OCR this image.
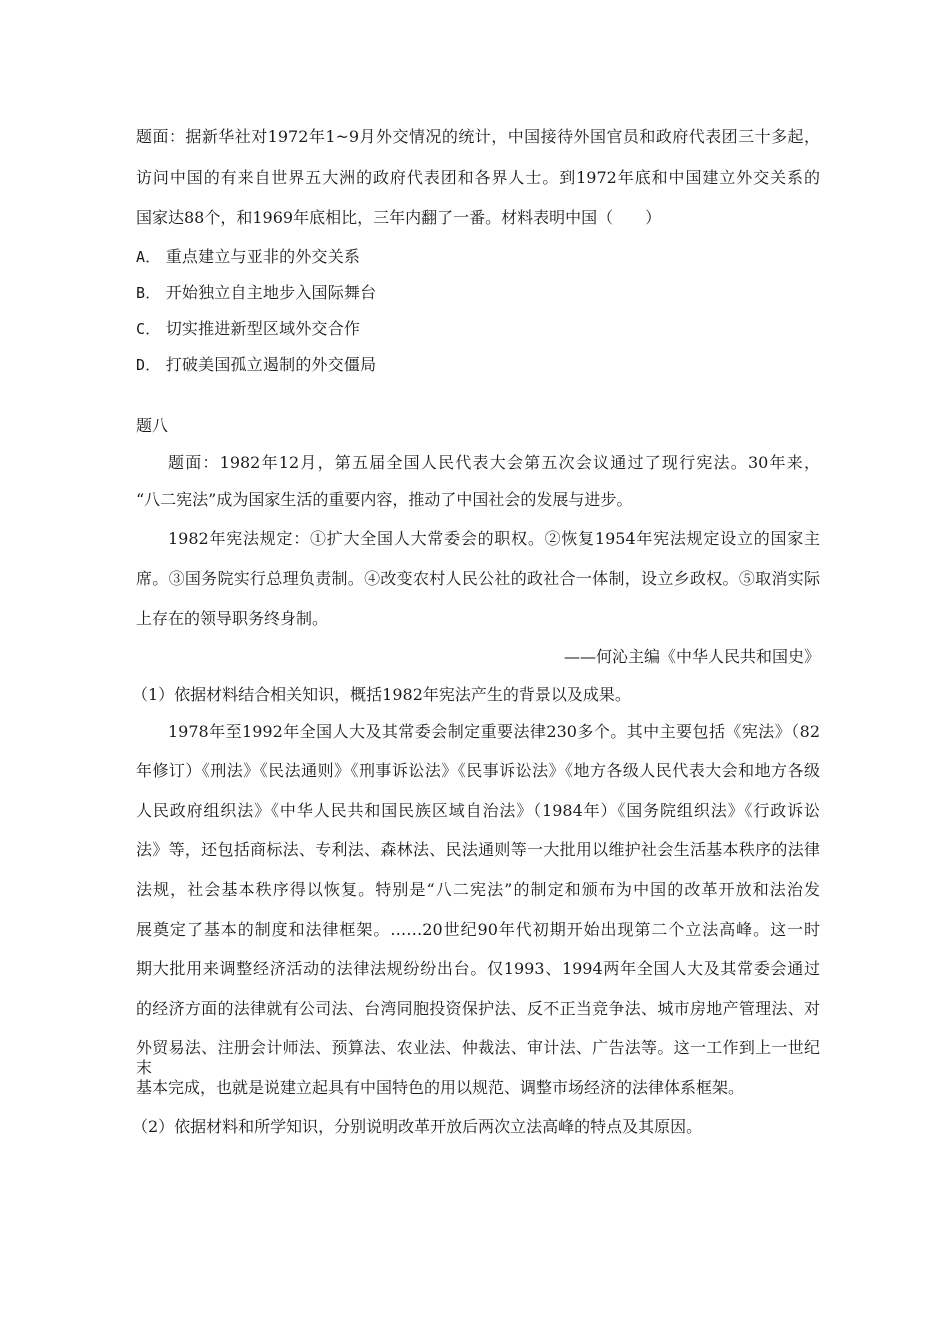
题面：据新华社对1972年1~9月外交情况的统计，中国接待外国官员和政府代表团三十多起，
访问中国的有来自世界五大洲的政府代表团和各界人士。到1972年底和中国建立外交关系的
国家达88个，和1969年底相比，三年内翻了一番。材料表明中国（　　）
A． 重点建立与亚非的外交关系
B． 开始独立自主地步入国际舞台
C． 切实推进新型区域外交合作
D． 打破美国孤立遏制的外交僵局
题八
题面：1982年12月，第五届全国人民代表大会第五次会议通过了现行宪法。30年来，
“八二宪法”成为国家生活的重要内容，推动了中国社会的发展与进步。
1982年宪法规定：①扩大全国人大常委会的职权。②恢复1954年宪法规定设立的国家主
席。③国务院实行总理负责制。④改变农村人民公社的政社合一体制，设立乡政权。⑤取消实际
上存在的领导职务终身制。
——何沁主编《中华人民共和国史》
（1）依据材料结合相关知识，概括1982年宪法产生的背景以及成果。
1978年至1992年全国人大及其常委会制定重要法律230多个。其中主要包括《宪法》（82
年修订）《刑法》《民法通则》《刑事诉讼法》《民事诉讼法》《地方各级人民代表大会和地方各级
人民政府组织法》《中华人民共和国民族区域自治法》（1984年）《国务院组织法》《行政诉讼
法》等，还包括商标法、专利法、森林法、民法通则等一大批用以维护社会生活基本秩序的法律
法规，社会基本秩序得以恢复。特别是“八二宪法”的制定和颁布为中国的改革开放和法治发
展奠定了基本的制度和法律框架。……20世纪90年代初期开始出现第二个立法高峰。这一时
期大批用来调整经济活动的法律法规纷纷出台。仅1993、1994两年全国人大及其常委会通过
的经济方面的法律就有公司法、台湾同胞投资保护法、反不正当竞争法、城市房地产管理法、对
外贸易法、注册会计师法、预算法、农业法、仲裁法、审计法、广告法等。这一工作到上一世纪末
基本完成，也就是说建立起具有中国特色的用以规范、调整市场经济的法律体系框架。
（2）依据材料和所学知识，分别说明改革开放后两次立法高峰的特点及其原因。
